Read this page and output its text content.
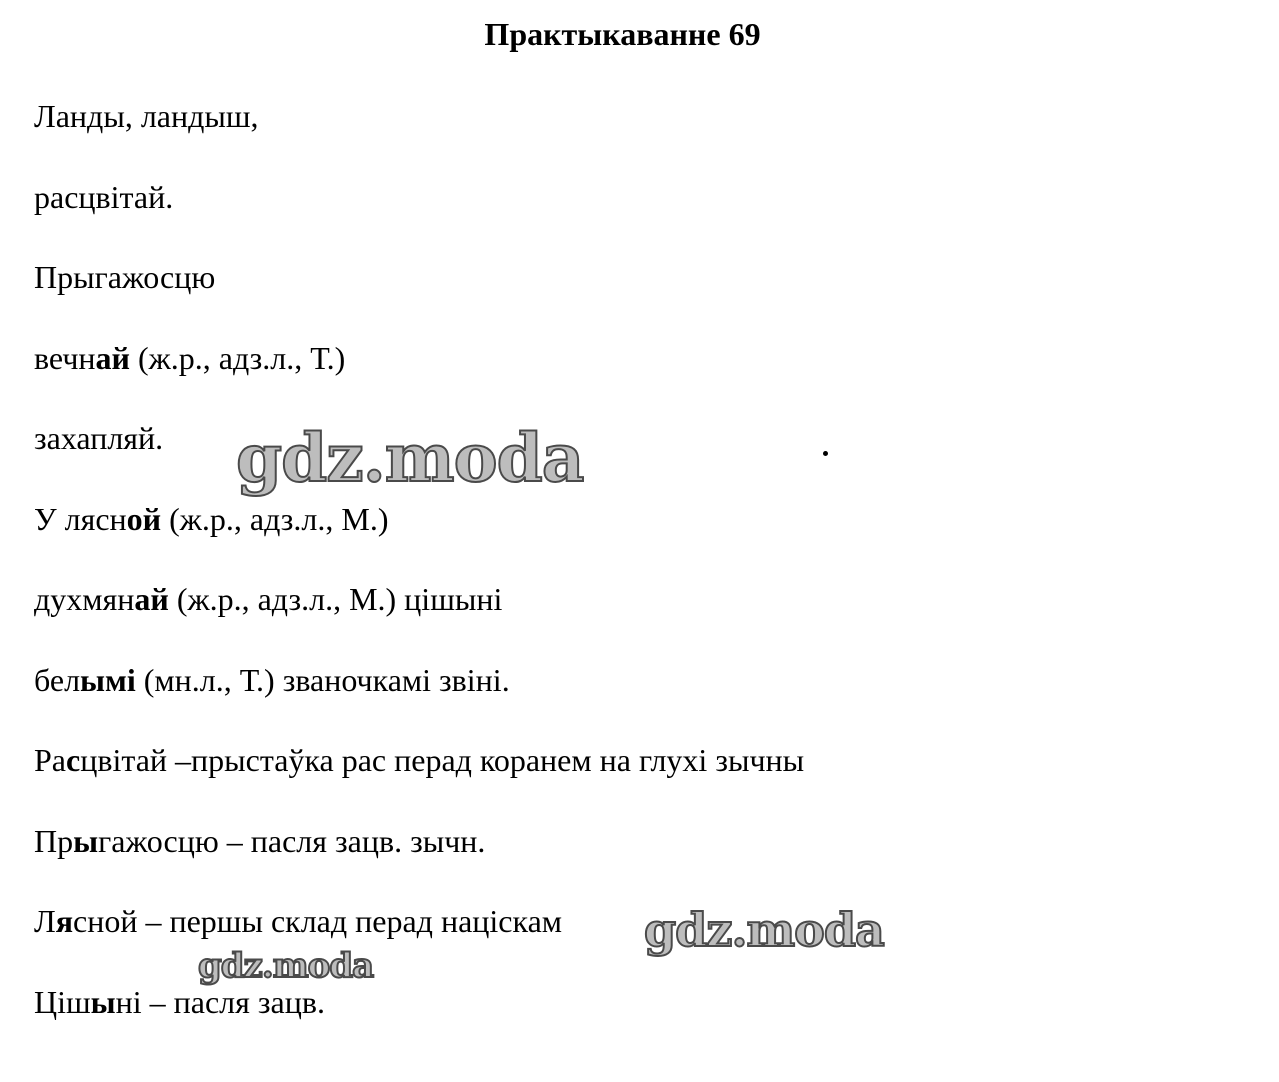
Практыкаванне 69
Ланды, ландыш,
расцвітай.
Прыгажосцю
вечнай (ж.р., адз.л., Т.)
захапляй.
У лясной (ж.р., адз.л., М.)
духмянай (ж.р., адз.л., М.) цішыні
белымі (мн.л., Т.) званочкамі звіні.
Расцвітай –прыстаўка рас перад коранем на глухі зычны
Прыгажосцю – пасля зацв. зычн.
Лясной – першы склад перад націскам
Цішыні – пасля зацв.
gdz.moda
gdz.moda
gdz.moda
